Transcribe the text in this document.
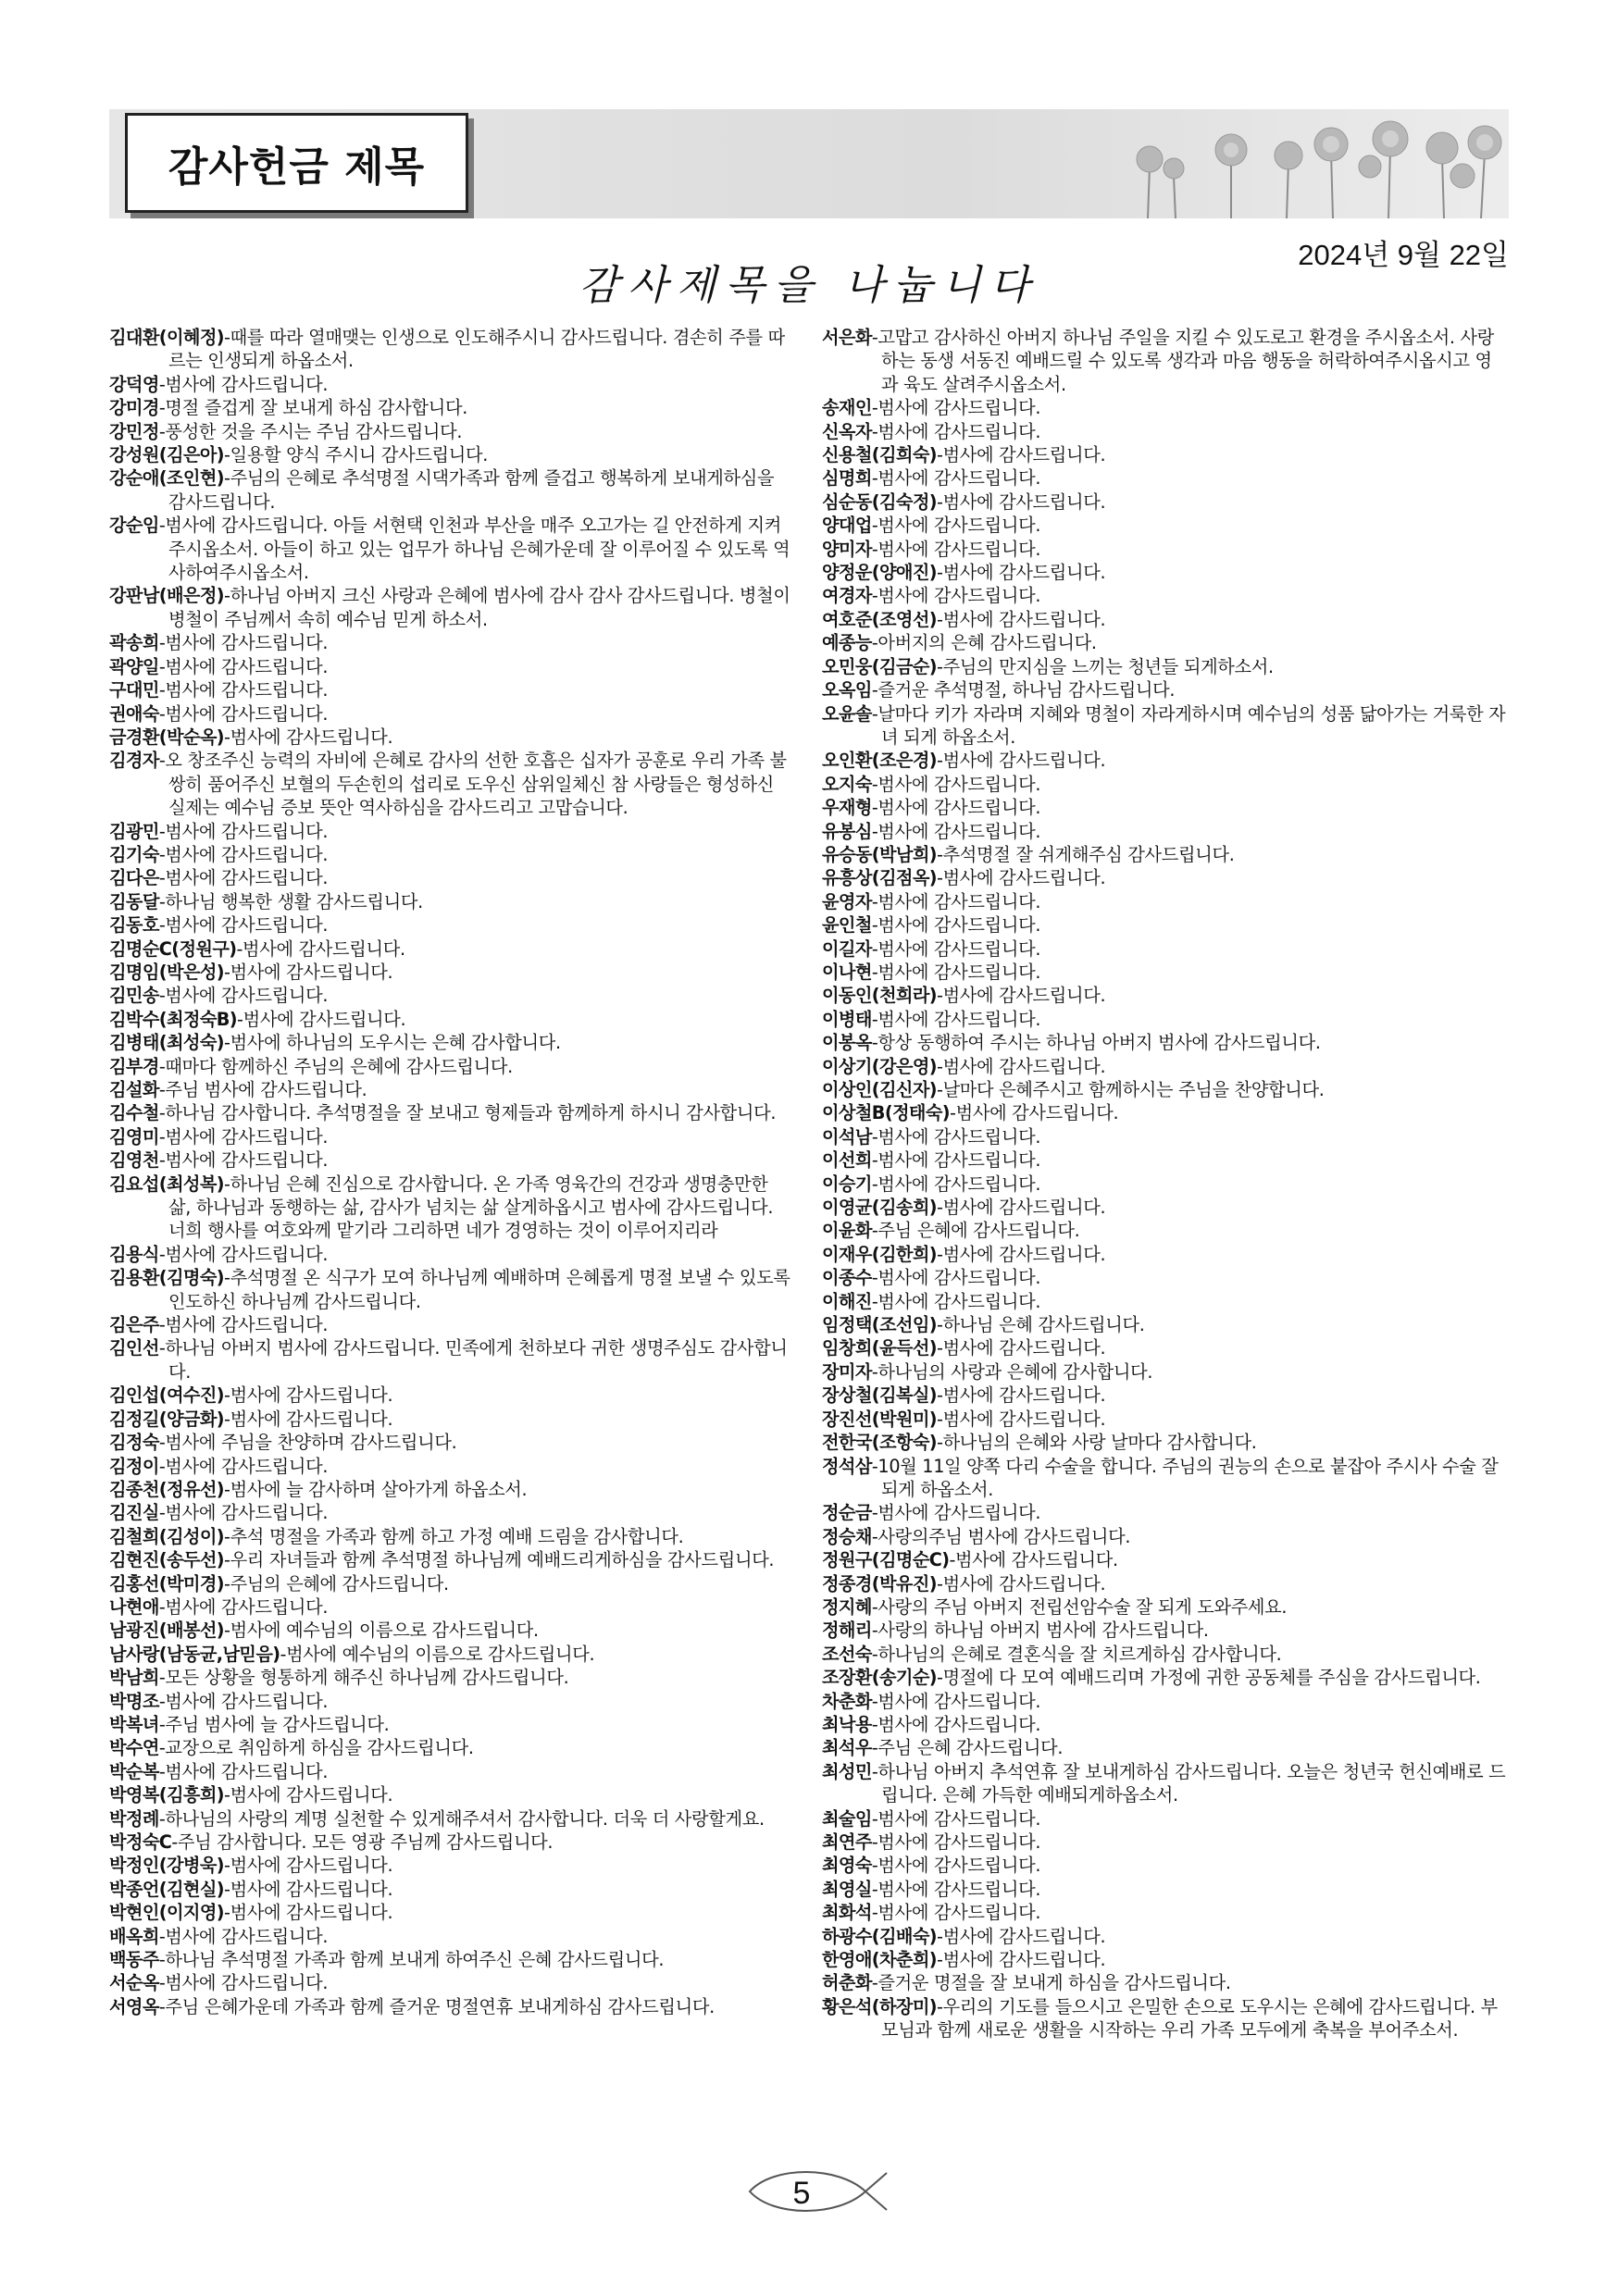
감사헌금 제목
2024년 9월 22일
감사제목을 나눕니다

김대환(이혜정)-때를 따라 열매맺는 인생으로 인도해주시니 감사드립니다. 겸손히 주를 따르는 인생되게 하옵소서.

강덕영-범사에 감사드립니다.

강미경-명절 즐겁게 잘 보내게 하심 감사합니다.

강민정-풍성한 것을 주시는 주님 감사드립니다.

강성원(김은아)-일용할 양식 주시니 감사드립니다.

강순애(조인현)-주님의 은혜로 추석명절 시댁가족과 함께 즐겁고 행복하게 보내게하심을 감사드립니다.

강순임-범사에 감사드립니다. 아들 서현택 인천과 부산을 매주 오고가는 길 안전하게 지켜주시옵소서. 아들이 하고 있는 업무가 하나님 은혜가운데 잘 이루어질 수 있도록 역사하여주시옵소서.

강판남(배은정)-하나님 아버지 크신 사랑과 은혜에 범사에 감사 감사 감사드립니다. 병철이 병철이 주님께서 속히 예수님 믿게 하소서.

곽송희-범사에 감사드립니다.

곽양일-범사에 감사드립니다.

구대민-범사에 감사드립니다.

권애숙-범사에 감사드립니다.

금경환(박순옥)-범사에 감사드립니다.

김경자-오 창조주신 능력의 자비에 은혜로 감사의 선한 호흡은 십자가 공훈로 우리 가족 불쌍히 품어주신 보혈의 두손힌의 섭리로 도우신 삼위일체신 참 사랑들은 형성하신 실제는 예수님 증보 뜻안 역사하심을 감사드리고 고맙습니다.

김광민-범사에 감사드립니다.

김기숙-범사에 감사드립니다.

김다은-범사에 감사드립니다.

김동달-하나님 행복한 생활 감사드립니다.

김동호-범사에 감사드립니다.

김명순C(정원구)-범사에 감사드립니다.

김명임(박은성)-범사에 감사드립니다.

김민송-범사에 감사드립니다.

김박수(최정숙B)-범사에 감사드립니다.

김병태(최성숙)-범사에 하나님의 도우시는 은혜 감사합니다.

김부경-때마다 함께하신 주님의 은혜에 감사드립니다.

김설화-주님 범사에 감사드립니다.

김수철-하나님 감사합니다. 추석명절을 잘 보내고 형제들과 함께하게 하시니 감사합니다.

김영미-범사에 감사드립니다.

김영천-범사에 감사드립니다.

김요섭(최성복)-하나님 은혜 진심으로 감사합니다. 온 가족 영육간의 건강과 생명충만한 삶, 하나님과 동행하는 삶, 감사가 넘치는 삶 살게하옵시고 범사에 감사드립니다. 너희 행사를 여호와께 맡기라 그리하면 네가 경영하는 것이 이루어지리라

김용식-범사에 감사드립니다.

김용환(김명숙)-추석명절 온 식구가 모여 하나님께 예배하며 은혜롭게 명절 보낼 수 있도록 인도하신 하나님께 감사드립니다.

김은주-범사에 감사드립니다.

김인선-하나님 아버지 범사에 감사드립니다. 민족에게 천하보다 귀한 생명주심도 감사합니다.

김인섭(여수진)-범사에 감사드립니다.

김정길(양금화)-범사에 감사드립니다.

김정숙-범사에 주님을 찬양하며 감사드립니다.

김정이-범사에 감사드립니다.

김종천(정유선)-범사에 늘 감사하며 살아가게 하옵소서.

김진실-범사에 감사드립니다.

김철희(김성이)-추석 명절을 가족과 함께 하고 가정 예배 드림을 감사합니다.

김현진(송두선)-우리 자녀들과 함께 추석명절 하나님께 예배드리게하심을 감사드립니다.

김홍선(박미경)-주님의 은혜에 감사드립니다.

나현애-범사에 감사드립니다.

남광진(배봉선)-범사에 예수님의 이름으로 감사드립니다.

남사랑(남동균,남믿음)-범사에 예수님의 이름으로 감사드립니다.

박남희-모든 상황을 형통하게 해주신 하나님께 감사드립니다.

박명조-범사에 감사드립니다.

박복녀-주님 범사에 늘 감사드립니다.

박수연-교장으로 취임하게 하심을 감사드립니다.

박순복-범사에 감사드립니다.

박영복(김흥희)-범사에 감사드립니다.

박정례-하나님의 사랑의 계명 실천할 수 있게해주셔서 감사합니다. 더욱 더 사랑할게요.

박정숙C-주님 감사합니다. 모든 영광 주님께 감사드립니다.

박정인(강병욱)-범사에 감사드립니다.

박종언(김현실)-범사에 감사드립니다.

박현인(이지영)-범사에 감사드립니다.

배옥희-범사에 감사드립니다.

백동주-하나님 추석명절 가족과 함께 보내게 하여주신 은혜 감사드립니다.

서순옥-범사에 감사드립니다.

서영옥-주님 은혜가운데 가족과 함께 즐거운 명절연휴 보내게하심 감사드립니다.

서은화-고맙고 감사하신 아버지 하나님 주일을 지킬 수 있도로고 환경을 주시옵소서. 사랑하는 동생 서동진 예배드릴 수 있도록 생각과 마음 행동을 허락하여주시옵시고 영과 육도 살려주시옵소서.

송재인-범사에 감사드립니다.

신옥자-범사에 감사드립니다.

신용철(김희숙)-범사에 감사드립니다.

심명희-범사에 감사드립니다.

심순동(김숙정)-범사에 감사드립니다.

양대업-범사에 감사드립니다.

양미자-범사에 감사드립니다.

양정운(양애진)-범사에 감사드립니다.

여경자-범사에 감사드립니다.

여호준(조영선)-범사에 감사드립니다.

예종능-아버지의 은혜 감사드립니다.

오민웅(김금순)-주님의 만지심을 느끼는 청년들 되게하소서.

오옥임-즐거운 추석명절, 하나님 감사드립니다.

오윤솔-날마다 키가 자라며 지혜와 명철이 자라게하시며 예수님의 성품 닮아가는 거룩한 자녀 되게 하옵소서.

오인환(조은경)-범사에 감사드립니다.

오지숙-범사에 감사드립니다.

우재형-범사에 감사드립니다.

유봉심-범사에 감사드립니다.

유승동(박남희)-추석명절 잘 쉬게해주심 감사드립니다.

유흥상(김점옥)-범사에 감사드립니다.

윤영자-범사에 감사드립니다.

윤인철-범사에 감사드립니다.

이길자-범사에 감사드립니다.

이나현-범사에 감사드립니다.

이동인(천희라)-범사에 감사드립니다.

이병태-범사에 감사드립니다.

이봉옥-항상 동행하여 주시는 하나님 아버지 범사에 감사드립니다.

이상기(강은영)-범사에 감사드립니다.

이상인(김신자)-날마다 은혜주시고 함께하시는 주님을 찬양합니다.

이상철B(정태숙)-범사에 감사드립니다.

이석남-범사에 감사드립니다.

이선희-범사에 감사드립니다.

이승기-범사에 감사드립니다.

이영균(김송희)-범사에 감사드립니다.

이윤화-주님 은혜에 감사드립니다.

이재우(김한희)-범사에 감사드립니다.

이종수-범사에 감사드립니다.

이해진-범사에 감사드립니다.

임정택(조선임)-하나님 은혜 감사드립니다.

임창희(윤득선)-범사에 감사드립니다.

장미자-하나님의 사랑과 은혜에 감사합니다.

장상철(김복실)-범사에 감사드립니다.

장진선(박원미)-범사에 감사드립니다.

전한국(조항숙)-하나님의 은혜와 사랑 날마다 감사합니다.

정석삼-10월 11일 양쪽 다리 수술을 합니다. 주님의 권능의 손으로 붙잡아 주시사 수술 잘 되게 하옵소서.

정순금-범사에 감사드립니다.

정승채-사랑의주님 범사에 감사드립니다.

정원구(김명순C)-범사에 감사드립니다.

정종경(박유진)-범사에 감사드립니다.

정지혜-사랑의 주님 아버지 전립선암수술 잘 되게 도와주세요.

정해리-사랑의 하나님 아버지 범사에 감사드립니다.

조선숙-하나님의 은혜로 결혼식을 잘 치르게하심 감사합니다.

조장환(송기순)-명절에 다 모여 예배드리며 가정에 귀한 공동체를 주심을 감사드립니다.

차춘화-범사에 감사드립니다.

최낙용-범사에 감사드립니다.

최석우-주님 은혜 감사드립니다.

최성민-하나님 아버지 추석연휴 잘 보내게하심 감사드립니다. 오늘은 청년국 헌신예배로 드립니다. 은혜 가득한 예배되게하옵소서.

최술임-범사에 감사드립니다.

최연주-범사에 감사드립니다.

최영숙-범사에 감사드립니다.

최영실-범사에 감사드립니다.

최화석-범사에 감사드립니다.

하광수(김배숙)-범사에 감사드립니다.

한영애(차춘희)-범사에 감사드립니다.

허춘화-즐거운 명절을 잘 보내게 하심을 감사드립니다.

황은석(하장미)-우리의 기도를 들으시고 은밀한 손으로 도우시는 은혜에 감사드립니다. 부모님과 함께 새로운 생활을 시작하는 우리 가족 모두에게 축복을 부어주소서.

5
